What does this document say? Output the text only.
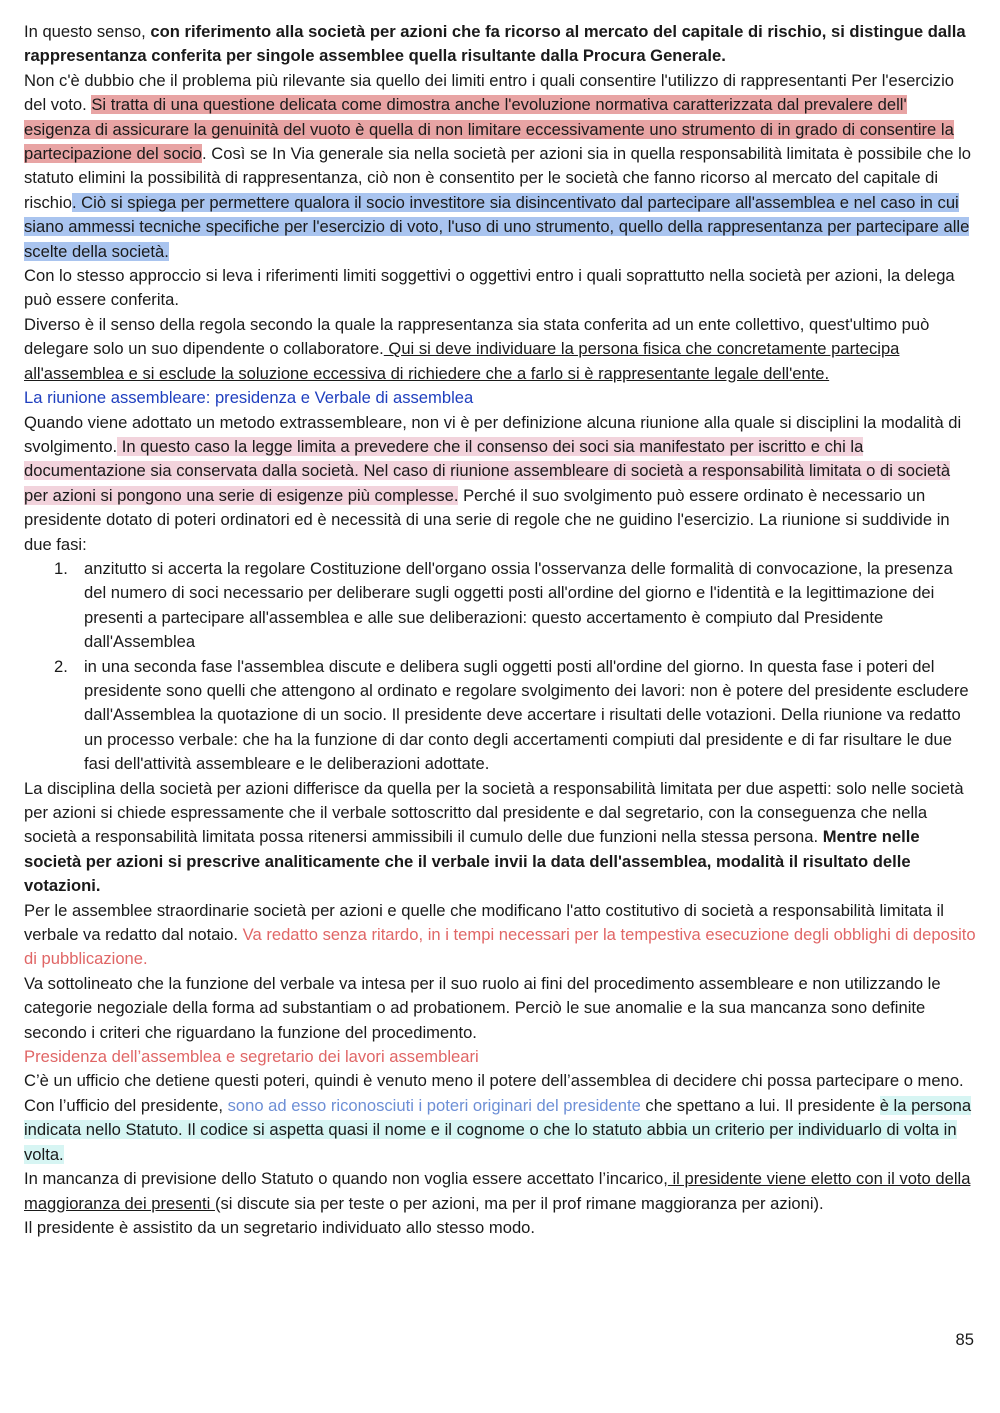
In questo senso, con riferimento alla società per azioni che fa ricorso al mercato del capitale di rischio, si distingue dalla rappresentanza conferita per singole assemblee quella risultante dalla Procura Generale.

Non c'è dubbio che il problema più rilevante sia quello dei limiti entro i quali consentire l'utilizzo di rappresentanti Per l'esercizio del voto. Si tratta di una questione delicata come dimostra anche l'evoluzione normativa caratterizzata dal prevalere dell' esigenza di assicurare la genuinità del vuoto è quella di non limitare eccessivamente uno strumento di in grado di consentire la partecipazione del socio. Così se In Via generale sia nella società per azioni sia in quella responsabilità limitata è possibile che lo statuto elimini la possibilità di rappresentanza, ciò non è consentito per le società che fanno ricorso al mercato del capitale di rischio. Ciò si spiega per permettere qualora il socio investitore sia disincentivato dal partecipare all'assemblea e nel caso in cui siano ammessi tecniche specifiche per l'esercizio di voto, l'uso di uno strumento, quello della rappresentanza per partecipare alle scelte della società.

Con lo stesso approccio si leva i riferimenti limiti soggettivi o oggettivi entro i quali soprattutto nella società per azioni, la delega può essere conferita.

Diverso è il senso della regola secondo la quale la rappresentanza sia stata conferita ad un ente collettivo, quest'ultimo può delegare solo un suo dipendente o collaboratore. Qui si deve individuare la persona fisica che concretamente partecipa all'assemblea e si esclude la soluzione eccessiva di richiedere che a farlo si è rappresentante legale dell'ente.

La riunione assembleare: presidenza e Verbale di assemblea

Quando viene adottato un metodo extrassembleare, non vi è per definizione alcuna riunione alla quale si disciplini la modalità di svolgimento. In questo caso la legge limita a prevedere che il consenso dei soci sia manifestato per iscritto e chi la documentazione sia conservata dalla società. Nel caso di riunione assembleare di società a responsabilità limitata o di società per azioni si pongono una serie di esigenze più complesse. Perché il suo svolgimento può essere ordinato è necessario un presidente dotato di poteri ordinatori ed è necessità di una serie di regole che ne guidino l'esercizio. La riunione si suddivide in due fasi:

1. anzitutto si accerta la regolare Costituzione dell'organo ossia l'osservanza delle formalità di convocazione, la presenza del numero di soci necessario per deliberare sugli oggetti posti all'ordine del giorno e l'identità e la legittimazione dei presenti a partecipare all'assemblea e alle sue deliberazioni: questo accertamento è compiuto dal Presidente dall'Assemblea
2. in una seconda fase l'assemblea discute e delibera sugli oggetti posti all'ordine del giorno. In questa fase i poteri del presidente sono quelli che attengono al ordinato e regolare svolgimento dei lavori: non è potere del presidente escludere dall'Assemblea la quotazione di un socio. Il presidente deve accertare i risultati delle votazioni. Della riunione va redatto un processo verbale: che ha la funzione di dar conto degli accertamenti compiuti dal presidente e di far risultare le due fasi dell'attività assembleare e le deliberazioni adottate.

La disciplina della società per azioni differisce da quella per la società a responsabilità limitata per due aspetti: solo nelle società per azioni si chiede espressamente che il verbale sottoscritto dal presidente e dal segretario, con la conseguenza che nella società a responsabilità limitata possa ritenersi ammissibili il cumulo delle due funzioni nella stessa persona. Mentre nelle società per azioni si prescrive analiticamente che il verbale invii la data dell'assemblea, modalità il risultato delle votazioni.

Per le assemblee straordinarie società per azioni e quelle che modificano l'atto costitutivo di società a responsabilità limitata il verbale va redatto dal notaio. Va redatto senza ritardo, in i tempi necessari per la tempestiva esecuzione degli obblighi di deposito di pubblicazione.

Va sottolineato che la funzione del verbale va intesa per il suo ruolo ai fini del procedimento assembleare e non utilizzando le categorie negoziale della forma ad substantiam o ad probationem. Perciò le sue anomalie e la sua mancanza sono definite secondo i criteri che riguardano la funzione del procedimento.

Presidenza dell’assemblea e segretario dei lavori assembleari

C’è un ufficio che detiene questi poteri, quindi è venuto meno il potere dell’assemblea di decidere chi possa partecipare o meno.

Con l’ufficio del presidente, sono ad esso riconosciuti i poteri originari del presidente che spettano a lui. Il presidente è la persona indicata nello Statuto. Il codice si aspetta quasi il nome e il cognome o che lo statuto abbia un criterio per individuarlo di volta in volta.

In mancanza di previsione dello Statuto o quando non voglia essere accettato l’incarico, il presidente viene eletto con il voto della maggioranza dei presenti (si discute sia per teste o per azioni, ma per il prof rimane maggioranza per azioni).

Il presidente è assistito da un segretario individuato allo stesso modo.

85
